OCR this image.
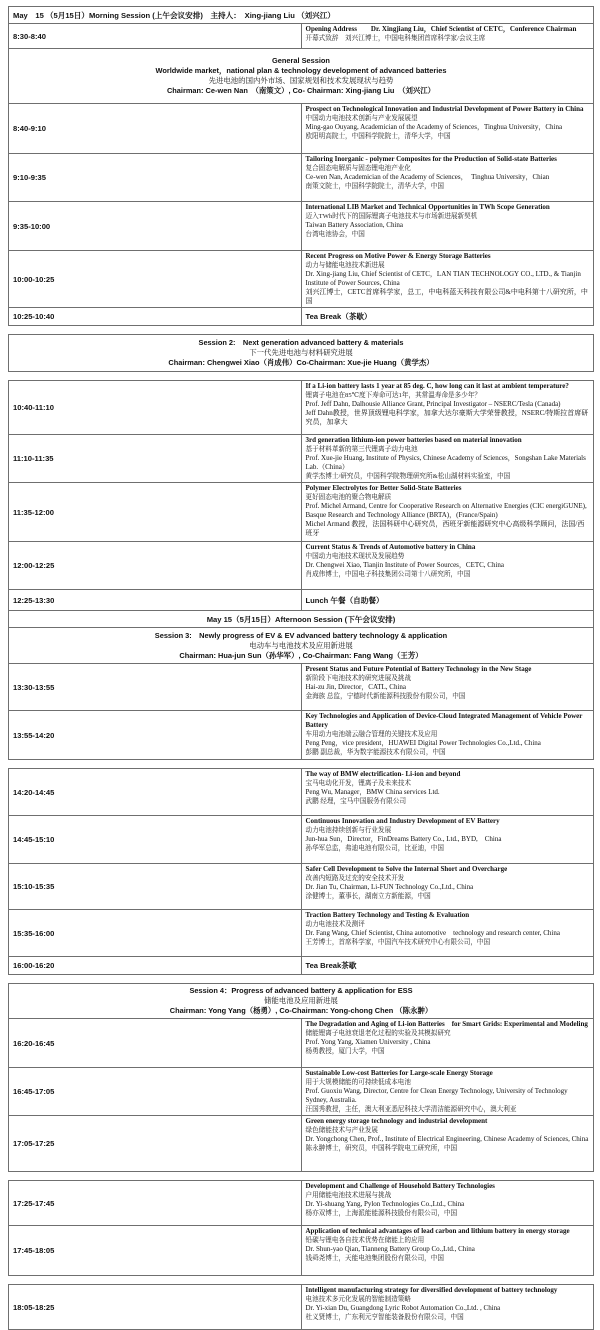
May　15 （5月15日）Morning Session (上午会议安排)　主持人：　Xing-jiang Liu （刘兴江）	
8:30-8:40	Opening Address　　Dr. Xingjiang Liu，Chief Scientist of CETC，Conference Chairman
开幕式致辞　刘兴江博士，中国电科集团首席科学家/会议主席

General Session
Worldwide market，national plan & technology development of advanced batteries
先进电池的国内外市场、国家规划和技术发展现状与趋势
Chairman: Ce-wen Nan　（南策文）, Co- Chairman: Xing-jiang Liu　（刘兴江）	

8:40-9:10	Prospect on Technological Innovation and Industrial Development of Power Battery in China
中国动力电池技术创新与产业发展展望
Ming-gao Ouyang, Academician of the Academy of Sciences，Tinghua University，China
欧阳明高院士，中国科学院院士，清华大学，中国

9:10-9:35	Tailoring Inorganic - polymer Composites for the Production of Solid-state Batteries
复合固态电解质与固态锂电池产业化
Ce-wen Nan, Academician of the Academy of Sciences，　Tinghua University，Chian
南策文院士，中国科学院院士，清华大学，中国

9:35-10:00	International LIB Market and Technical Opportunities in TWh Scope Generation
迈入TWh时代下的国际锂离子电池技术与市场新进展新契机
Taiwan Battery Association, China
台湾电池协会，中国

10:00-10:25	Recent Progress on Motive Power & Energy Storage Batteries
动力与储能电池技术新进展
Dr. Xing-jiang Liu, Chief Scientist of CETC，LAN TIAN TECHNOLOGY CO., LTD., & Tianjin Institute of Power Sources, China
刘兴江博士，CETC首席科学家，总工，中电科蓝天科技有限公司&中电科第十八研究所，中国

10:25-10:40	Tea Break（茶歇）

Session 2:　Next generation advanced battery & materials
下一代先进电池与材料研究进展
Chairman: Chengwei Xiao（肖成伟）Co-Chairman: Xue-jie Huang（黄学杰）	

10:40-11:10	If a Li-ion battery lasts 1 year at 85 deg. C, how long can it last at ambient temperature?
锂离子电池在85℃度下寿命可达1年，其常温寿命是多少年？
Prof. Jeff Dahn, Dalhousie Alliance Grant, Principal Investigator – NSERC/Tesla (Canada)
Jeff Dahn教授，世界顶级锂电科学家，加拿大达尔豪斯大学荣誉教授，NSERC/特斯拉首席研究员，加拿大

11:10-11:35	3rd generation lithium-ion power batteries based on material innovation
基于材料革新的第三代锂离子动力电池
Prof. Xue-jie Huang, Institute of Physics, Chinese Academy of Sciences，Songshan Lake Materials Lab.（China）
黄学杰博士/研究员，中国科学院物理研究所&松山湖材料实验室，中国

11:35-12:00	Polymer Electrolytes for Better Solid-State Batteries
更好固态电池的聚合物电解质
Prof. Michel Armand, Centre for Cooperative Research on Alternative Energies (CIC energiGUNE), Basque Research and Technology Alliance (BRTA)，(France/Spain)
Michel Armand 教授，法国科研中心研究员，西班牙新能源研究中心高级科学顾问，法国/西班牙

12:00-12:25	Current Status & Trends of Automotive battery in China
中国动力电池技术现状及发展趋势
Dr. Chengwei Xiao, Tianjin Institute of Power Sources，CETC, China
肖成伟博士，中国电子科技集团公司第十八研究所，中国

12:25-13:30	Lunch 午餐（自助餐）
May 15（5月15日）Afternoon Session (下午会议安排)	

Session 3:　Newly progress of EV & EV advanced battery technology & application
电动车与电池技术及应用新进展
Chairman: Hua-jun Sun（孙华军）, Co-Chairman: Fang Wang（王芳）	

13:30-13:55	Present Status and Future Potential of Battery Technology in the New Stage
新阶段下电池技术的研究进展及挑战
Hai-zu Jin, Director，CATL, China
金海族 总监，宁德时代新能源科技股份有限公司，中国

13:55-14:20	Key Technologies and Application of Device-Cloud Integrated Management of Vehicle Power Battery
车用动力电池端云融合管理的关键技术及应用
Peng Peng，vice president，HUAWEI Digital Power Technologies Co.,Ltd., China
彭鹏 副总裁，华为数字能源技术有限公司，中国

14:20-14:45	The way of BMW electrification- Li-ion and beyond
宝马电动化开发，锂离子及未来技术
Peng Wu, Manager，BMW China services Ltd.
武鹏 经理，宝马中国服务有限公司

14:45-15:10	Continuous Innovation and Industry Development of EV Battery
动力电池持续创新与行业发展
Jun-hua Sun，Director，FinDreams Battery Co., Ltd., BYD,　China
孙华军总监，弗迪电池有限公司，比亚迪，中国

15:10-15:35	Safer Cell Development to Solve the Internal Short and Overcharge
改善内短路及过充的安全技术开发
Dr. Jian Tu, Chairman, Li-FUN Technology Co.,Ltd., China
涂健博士，董事长，湖南立方新能源，中国

15:35-16:00	Traction Battery Technology and Testing & Evaluation
动力电池技术及测评
Dr. Fang Wang, Chief Scientist, China automotive　technology and research center, China
王芳博士，首席科学家，中国汽车技术研究中心有限公司，中国

16:00-16:20	Tea Break茶歇

Session 4：Progress of advanced battery & application for ESS
储能电池及应用新进展
Chairman: Yong Yang（杨勇）, Co-Chairman: Yong-chong Chen （陈永翀）	

16:20-16:45	The Degradation and Aging of Li-ion Batteries　for Smart Grids: Experimental and Modeling
储能锂离子电池衰退老化过程的实验及其模拟研究
Prof. Yong Yang, Xiamen University , China
杨勇教授，厦门大学，中国

16:45-17:05	Sustainable Low-cost Batteries for Large-scale Energy Storage
用于大规模储能的可持续低成本电池
Prof. Guoxiu Wang, Director, Centre for Clean Energy Technology, University of Technology Sydney, Australia.
汪国秀教授，主任，澳大利亚悉尼科技大学清洁能源研究中心，澳大利亚

17:05-17:25	Green energy storage technology and industrial development
绿色储能技术与产业发展
Dr. Yongchong Chen, Prof., Institute of Electrical Engineering, Chinese Academy of Sciences, China
陈永翀博士，研究员，中国科学院电工研究所，中国

17:25-17:45	Development and Challenge of Household Battery Technologies
户用储能电池技术进展与挑战
Dr. Yi-shuang Yang, Pylon Technologies Co.,Ltd., China
杨亦双博士，上海派能能源科技股份有限公司，中国

17:45-18:05	Application of technical advantages of lead carbon and lithium battery in energy storage
铅碳与锂电各自技术优势在储能上的应用
Dr. Shun-yao Qian, Tianneng Battery Group Co.,Ltd., China
钱舜尧博士，天能电池集团股份有限公司，中国

18:05-18:25	Intelligent manufacturing strategy for diversified development of battery technology
电池技术多元化发展的智能制造策略
Dr. Yi-xian Du, Guangdong Lyric Robot Automation Co.,Ltd. , China
杜义贤博士，广东利元亨智能装备股份有限公司，中国
